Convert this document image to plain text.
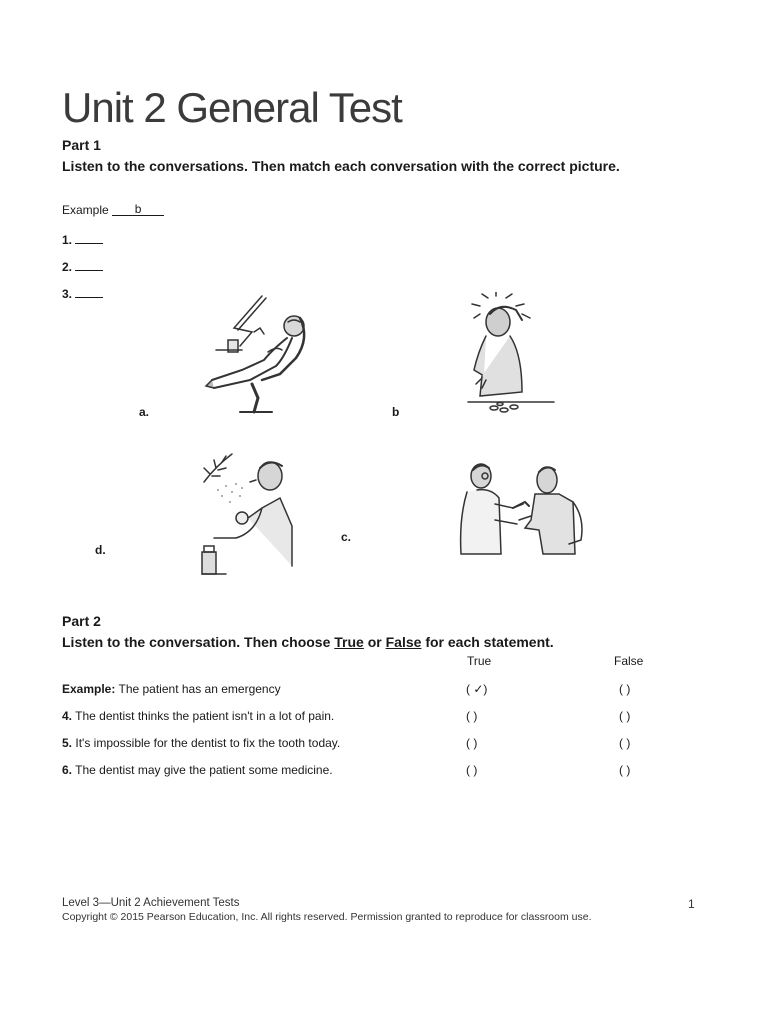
Unit 2 General Test
Part 1
Listen to the conversations. Then match each conversation with the correct picture.
Example b
1.
2.
3.
a.	b
d.
c.
Part 2
Listen to the conversation. Then choose True or False for each statement.
True	False
Example: The patient has an emergency	( ✓)	( )
4. The dentist thinks the patient isn't in a lot of pain.	( )	( )
5. It's impossible for the dentist to fix the tooth today.	( )	( )
6. The dentist may give the patient some medicine.	( )	( )
Level 3—Unit 2 Achievement Tests
Copyright © 2015 Pearson Education, Inc. All rights reserved. Permission granted to reproduce for classroom use.
1
